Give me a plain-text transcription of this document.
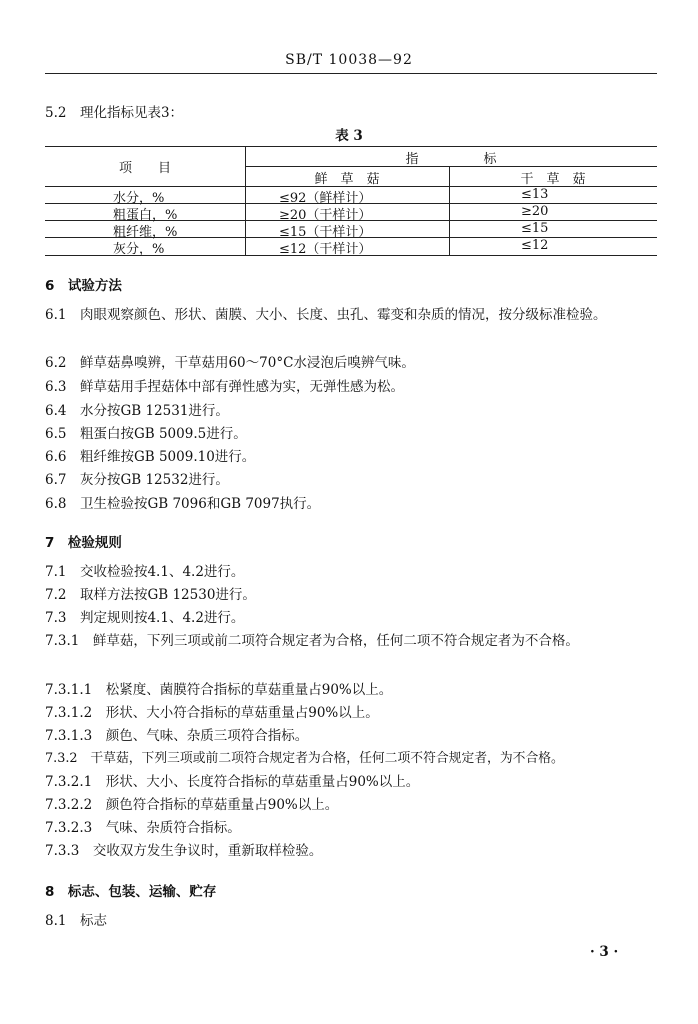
SB/T 10038—92
5.2　理化指标见表3：
表 3
项　　目
指　　　　　标
鲜　草　菇	干　草　菇
水分，%	≤92（鲜样计）	≤13
粗蛋白，%	≥20（干样计）	≥20
粗纤维，%	≤15（干样计）	≤15
灰分，%	≤12（干样计）	≤12
6　试验方法
6.1　肉眼观察颜色、形状、菌膜、大小、长度、虫孔、霉变和杂质的情况，按分级标准检验。
6.2　鲜草菇鼻嗅辨，干草菇用60～70°C水浸泡后嗅辨气味。
6.3　鲜草菇用手捏菇体中部有弹性感为实，无弹性感为松。
6.4　水分按GB 12531进行。
6.5　粗蛋白按GB 5009.5进行。
6.6　粗纤维按GB 5009.10进行。
6.7　灰分按GB 12532进行。
6.8　卫生检验按GB 7096和GB 7097执行。
7　检验规则
7.1　交收检验按4.1、4.2进行。
7.2　取样方法按GB 12530进行。
7.3　判定规则按4.1、4.2进行。
7.3.1　鲜草菇，下列三项或前二项符合规定者为合格，任何二项不符合规定者为不合格。
7.3.1.1　松紧度、菌膜符合指标的草菇重量占90%以上。
7.3.1.2　形状、大小符合指标的草菇重量占90%以上。
7.3.1.3　颜色、气味、杂质三项符合指标。
7.3.2　干草菇，下列三项或前二项符合规定者为合格，任何二项不符合规定者，为不合格。
7.3.2.1　形状、大小、长度符合指标的草菇重量占90%以上。
7.3.2.2　颜色符合指标的草菇重量占90%以上。
7.3.2.3　气味、杂质符合指标。
7.3.3　交收双方发生争议时，重新取样检验。
8　标志、包装、运输、贮存
8.1　标志
· 3 ·
